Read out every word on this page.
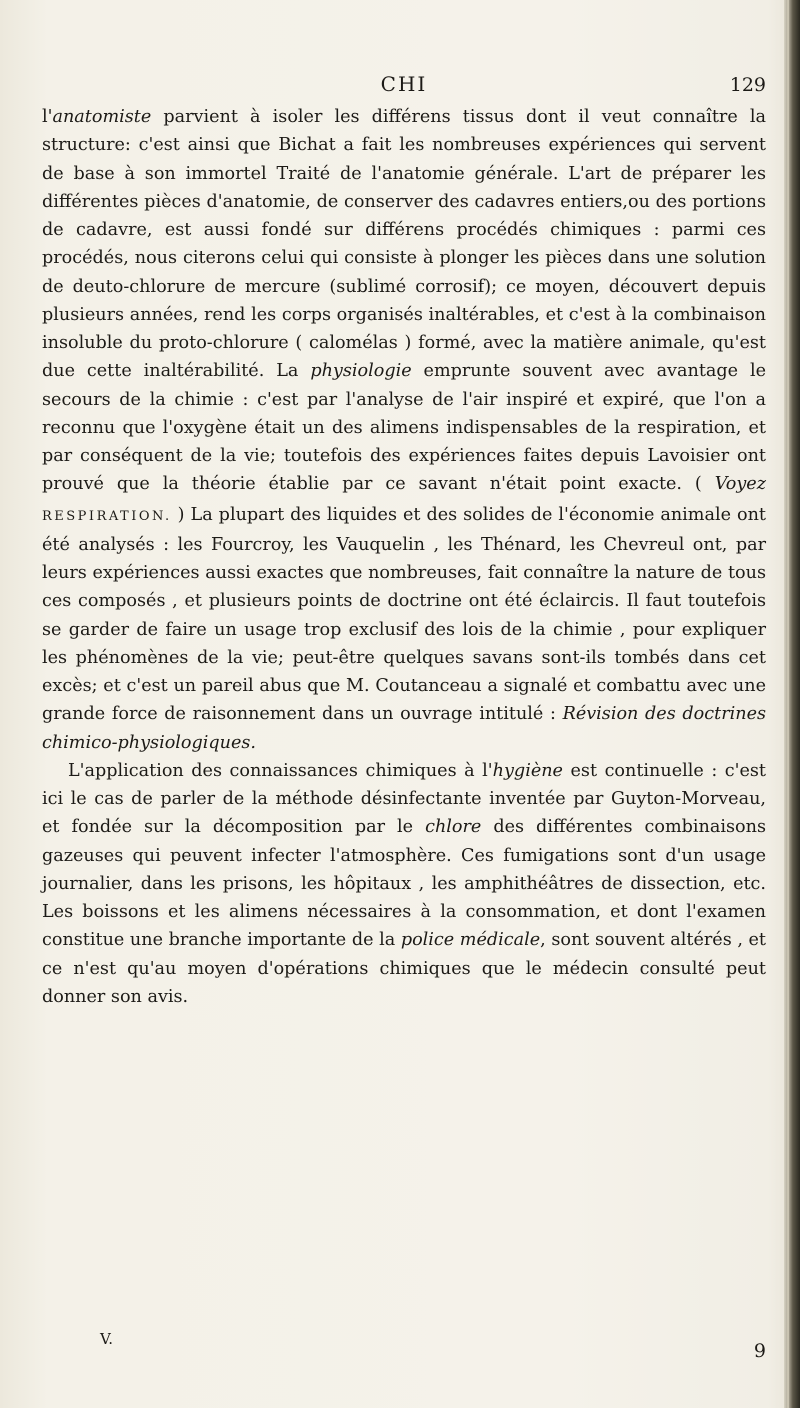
CHI	129

l'anatomiste parvient à isoler les différens tissus dont il veut connaître la structure: c'est ainsi que Bichat a fait les nombreuses expériences qui servent de base à son immortel Traité de l'anatomie générale. L'art de préparer les différentes pièces d'anatomie, de conserver des cadavres entiers,ou des portions de cadavre, est aussi fondé sur différens procédés chimiques : parmi ces procédés, nous citerons celui qui consiste à plonger les pièces dans une solution de deuto-chlorure de mercure (sublimé corrosif); ce moyen, découvert depuis plusieurs années, rend les corps organisés inaltérables, et c'est à la combinaison insoluble du proto-chlorure ( calomélas ) formé, avec la matière animale, qu'est due cette inaltérabilité. La physiologie emprunte souvent avec avantage le secours de la chimie : c'est par l'analyse de l'air inspiré et expiré, que l'on a reconnu que l'oxygène était un des alimens indispensables de la respiration, et par conséquent de la vie; toutefois des expériences faites depuis Lavoisier ont prouvé que la théorie établie par ce savant n'était point exacte. ( Voyez RESPIRATION. ) La plupart des liquides et des solides de l'économie animale ont été analysés : les Fourcroy, les Vauquelin , les Thénard, les Chevreul ont, par leurs expériences aussi exactes que nombreuses, fait connaître la nature de tous ces composés , et plusieurs points de doctrine ont été éclaircis. Il faut toutefois se garder de faire un usage trop exclusif des lois de la chimie , pour expliquer les phénomènes de la vie; peut-être quelques savans sont-ils tombés dans cet excès; et c'est un pareil abus que M. Coutanceau a signalé et combattu avec une grande force de raisonnement dans un ouvrage intitulé : Révision des doctrines chimico-physiologiques.

L'application des connaissances chimiques à l'hygiène est continuelle : c'est ici le cas de parler de la méthode désinfectante inventée par Guyton-Morveau, et fondée sur la décomposition par le chlore des différentes combinaisons gazeuses qui peuvent infecter l'atmosphère. Ces fumigations sont d'un usage journalier, dans les prisons, les hôpitaux , les amphithéâtres de dissection, etc. Les boissons et les alimens nécessaires à la consommation, et dont l'examen constitue une branche importante de la police médicale, sont souvent altérés , et ce n'est qu'au moyen d'opérations chimiques que le médecin consulté peut donner son avis.

V.
9
